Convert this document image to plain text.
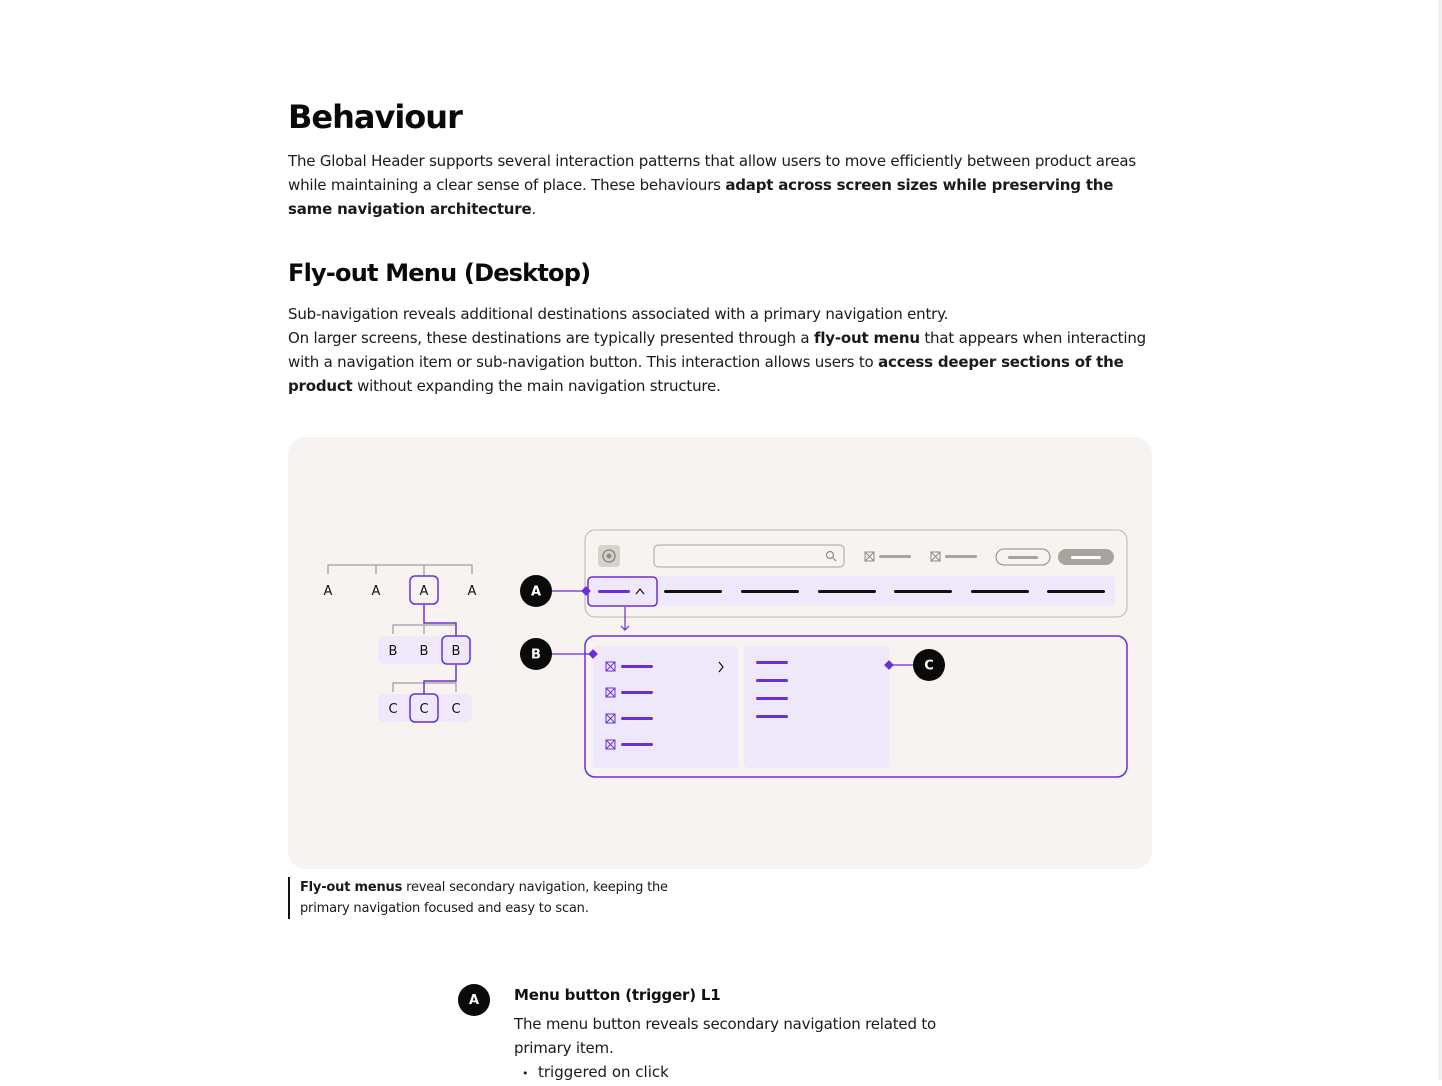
Behaviour

The Global Header supports several interaction patterns that allow users to move efficiently between product areas while maintaining a clear sense of place. These behaviours adapt across screen sizes while preserving the same navigation architecture.

Fly-out Menu (Desktop)

Sub-navigation reveals additional destinations associated with a primary navigation entry.

On larger screens, these destinations are typically presented through a fly-out menu that appears when interacting with a navigation item or sub-navigation button. This interaction allows users to access deeper sections of the product without expanding the main navigation structure.

A	A	A	A
B B B
C C C
A
B
C
Fly-out menus reveal secondary navigation, keeping the primary navigation focused and easy to scan.
A	Menu button (trigger) L1

The menu button reveals secondary navigation related to primary item.

• triggered on click
